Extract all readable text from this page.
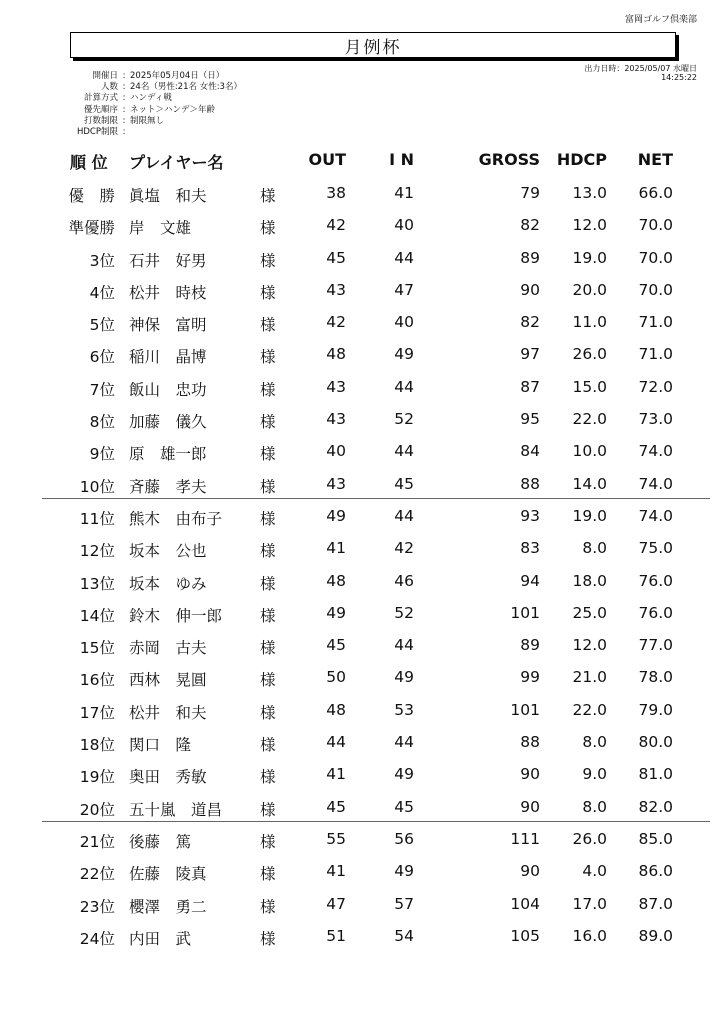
富岡ゴルフ倶楽部
月例杯
出力日時：2025/05/07 水曜日
14:25:22
開催日 : 2025年05月04日（日）
人数 : 24名（男性:21名 女性:3名）
計算方式 : ハンディ戦
優先順序 : ネット＞ハンデ＞年齢
打数制限 : 制限無し
HDCP制限 :
順 位 プレイヤー名	OUT	I N	GROSS HDCP NET
優　勝 眞塩　和夫	様	38	41	79 13.0 66.0
準優勝 岸　文雄	様	42	40	82 12.0 70.0
3位 石井　好男	様	45	44	89 19.0 70.0
4位 松井　時枝	様	43	47	90 20.0 70.0
5位 神保　富明	様	42	40	82 11.0 71.0
6位 稲川　晶博	様	48	49	97 26.0 71.0
7位 飯山　忠功	様	43	44	87 15.0 72.0
8位 加藤　儀久	様	43	52	95 22.0 73.0
9位 原　雄一郎	様	40	44	84 10.0 74.0
10位 斉藤　孝夫	様	43	45	88 14.0 74.0
11位 熊木　由布子 様	49	44	93 19.0 74.0
12位 坂本　公也	様	41	42	83	8.0 75.0
13位 坂本　ゆみ	様	48	46	94 18.0 76.0
14位 鈴木　伸一郎 様	49	52	101 25.0 76.0
15位 赤岡　古夫	様	45	44	89 12.0 77.0
16位 西林　晃圓	様	50	49	99 21.0 78.0
17位 松井　和夫	様	48	53	101 22.0 79.0
18位 関口　隆	様	44	44	88	8.0 80.0
19位 奥田　秀敏	様	41	49	90	9.0 81.0
20位 五十嵐　道昌 様	45	45	90	8.0 82.0
21位 後藤　篤	様	55	56	111 26.0 85.0
22位 佐藤　陵真	様	41	49	90	4.0 86.0
23位 櫻澤　勇二	様	47	57	104 17.0 87.0
24位 内田　武	様	51	54	105 16.0 89.0
